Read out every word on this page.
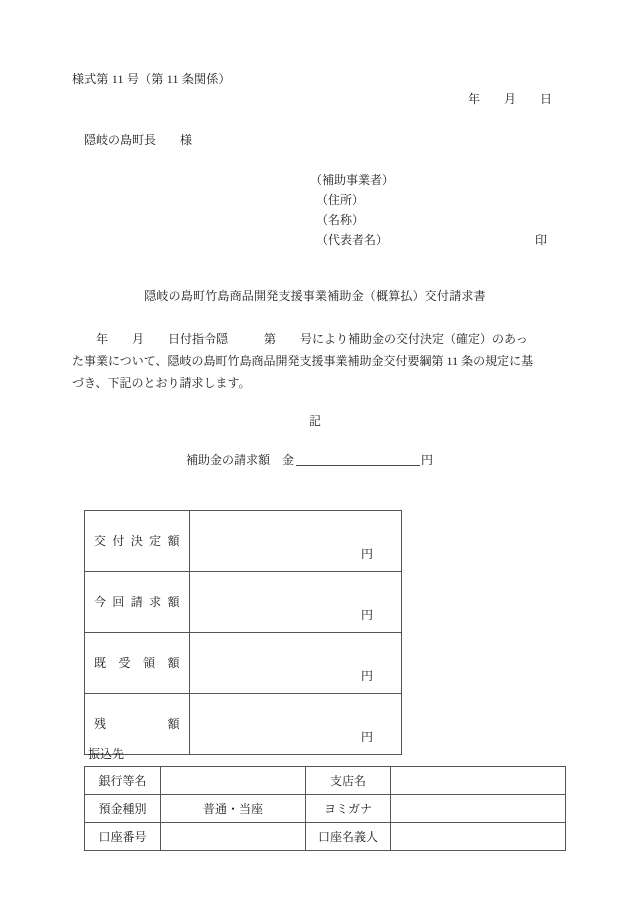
様式第 11 号（第 11 条関係）
年　　月　　日
隠岐の島町長　　様
（補助事業者）
（住所）
（名称）
（代表者名）	印
隠岐の島町竹島商品開発支援事業補助金（概算払）交付請求書
　　年　　月　　日付指令隠　　　第　　号により補助金の交付決定（確定）のあっ
た事業について、隠岐の島町竹島商品開発支援事業補助金交付要綱第 11 条の規定に基
づき、下記のとおり請求します。
記
補助金の請求額　金	円
交付決定額	円
今回請求額	円
既受領額	円
残額	円
振込先
銀行等名		支店名	
預金種別	普通・当座	ヨミガナ	
口座番号		口座名義人	
